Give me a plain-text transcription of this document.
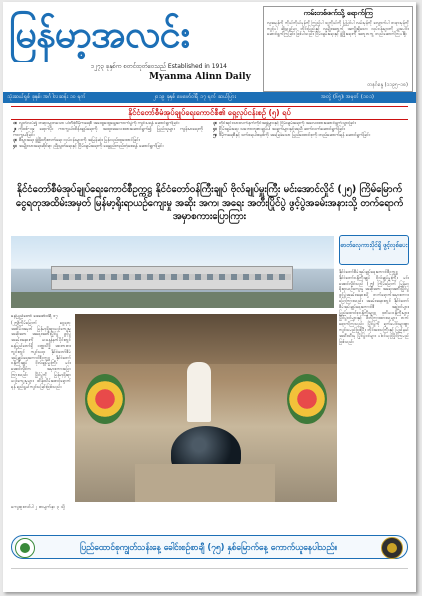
မြန်မာ့အလင်း
၁၂၇၃ ခုနှစ်က စတင်ထုတ်ဝေသည် Established in 1914
Myanma Alinn Daily
ကမ်းတစ်ဖက်သို့ ရောက်ကြ
လူအမှန်ကို ကိုယ်ကိုယ်မှန်ကို ကြည့်ပါ သူ့ကိုယ်ကို ပြုပြင်ပါ လမ်းမှန်ကို လျှောက်ပါ တရားမှန်ကို ကျင့်ပါ ဆိုသည်မှာ တိုင်းပြည်နှင့် လူမျိုးအတွက် အကျိုးရှိသော လုပ်ငန်းများကို ပူးပေါင်းဆောင်ရွက်ကြခြင်း ဖြစ်ပါသည်။ ငြိမ်းချမ်းရေးနှင့် ဖွံ့ဖြိုးရေးကို အတူတကွ တည်ဆောက်ကြပါစို့။
တနင်္ဂနွေ (၁၁၉၅–၁၈)
သုံးဆယ်ရှစ် ခုနှစ်၊ အင်္ဂါလဆန်း ၁၀ ရက်	၂၀၁၉ ခုနှစ် ဖေဖော်ဝါရီ ၁၇ ရက် ဆယ်ပြား	အတွဲ (၆၅)၊ အမှတ် (၁၀၁)
နိုင်ငံတော်စီမံအုပ်ချုပ်ရေးကောင်စီ၏ ရှေ့လုပ်ငန်းစဉ် (၅) ရပ်
၁။ လွတ်လပ်၍ တရားမျှတသော ပါတီစုံဒီမိုကရေစီ အထွေထွေရွေးကောက်ပွဲကို ကျင်းပရန် ဆောင်ရွက်ခြင်း
၂။ ကိုဗစ်-၁၉ ရောဂါပိုး ကာကွယ်ထိန်းချုပ်ရေးကို အထူးအလေးထားဆောင်ရွက်၍ ပြည်သူများ ကျန်းမာရေးကို ကာကွယ်ခြင်း
၃။ စီးပွားရေး ဖွံ့ဖြိုးတိုးတက်ရေး လုပ်ငန်းများကို အမြန်ဆုံး ပြန်လည်ထူထောင်ခြင်း
၄။ အမျိုးသားရေးဆိုင်ရာ ညီညွတ်ရေးနှင့် ငြိမ်းချမ်းရေးကို ရေရှည်တည်တံ့စေရန် ဆောင်ရွက်ခြင်း
၃။ တိုင်းရင်းသားလက်နက်ကိုင်အဖွဲ့များနှင့် ငြိမ်းချမ်းရေးကို အလေးထားဆောင်ရွက်သွားခြင်း
၄။ ငြိမ်းချမ်းရေး သဘောတူစာချုပ်ပါ အချက်များနှင့်အညီ ဆက်လက်ဆောင်ရွက်ခြင်း
၅။ ဒီမိုကရေစီနှင့် ဖက်ဒရယ်စနစ်ကို အခြေခံသော ပြည်ထောင်စုကို တည်ဆောက်ရန် ဆောင်ရွက်ခြင်း
နိုင်ငံတော်စီမံအုပ်ချုပ်ရေးကောင်စီဥက္ကဋ္ဌ နိုင်ငံတော်ဝန်ကြီးချုပ် ဗိုလ်ချုပ်မှူးကြီး မင်းအောင်လှိုင် (၂၅) ကြိမ်မြောက် ငွေရတုအထိမ်းအမှတ် မြန်မာ့ရိုးရာယဉ်ကျေးမှု အဆိုး အက၊ အရေး အတီးပြိုင်ပွဲ ဖွင့်ပွဲအခမ်းအနားသို့ တက်ရောက်အမှာစကားပြောကြား
ဓာတ်လှေကားပိုင်ရှိ ဖွင့်လှစ်ပေး
နိုင်ငံတော်စီမံအုပ်ချုပ်ရေးကောင်စီဥက္ကဋ္ဌ နိုင်ငံတော်ဝန်ကြီးချုပ် ဗိုလ်ချုပ်မှူးကြီး မင်းအောင်လှိုင်သည် (၂၅) ကြိမ်မြောက် မြန်မာ့ရိုးရာယဉ်ကျေးမှု အဆိုအက အရေးအတီးပြိုင်ပွဲ ဖွင့်ပွဲအခမ်းအနားသို့ တက်ရောက်အမှာစကား ပြောကြားသည်။ အခမ်းအနားတွင် နိုင်ငံတော်စီမံအုပ်ချုပ်ရေးကောင်စီ အဖွဲ့ဝင်များ၊ ပြည်ထောင်စုဝန်ကြီးများ၊ ဒုတိယဝန်ကြီးများ၊ ပြိုင်ပွဲဝင်များနှင့် ဖိတ်ကြားထားသူများ တက်ရောက်ကြသည်။ ပြိုင်ပွဲကို ရက်ပေါင်းများစွာ ကျင်းပမည်ဖြစ်ပြီး တိုင်းဒေသကြီးနှင့် ပြည်နယ်အသီးသီးမှ ပြိုင်ပွဲဝင်များ ပါဝင်ယှဉ်ပြိုင်ကြမည်ဖြစ်သည်။
နေပြည်တော် ဖေဖော်ဝါရီ ၁၇
(၂၅)ကြိမ်မြောက် ငွေရတုအထိမ်းအမှတ် မြန်မာ့ရိုးရာယဉ်ကျေးမှု အဆိုအက အရေးအတီးပြိုင်ပွဲ ဖွင့်ပွဲအခမ်းအနားကို ယနေ့နံနက်ပိုင်းတွင် နေပြည်တော်ရှိ ဝဏ္ဏသိဒ္ဓိ အားကစားကွင်းတွင် ကျင်းပရာ နိုင်ငံတော်စီမံအုပ်ချုပ်ရေးကောင်စီဥက္ကဋ္ဌ နိုင်ငံတော်ဝန်ကြီးချုပ် ဗိုလ်ချုပ်မှူးကြီး မင်းအောင်လှိုင်က အမှာစကားပြောကြားသည်။ ပြိုင်ပွဲကို မြန်မာ့ရိုးရာယဉ်ကျေးမှုများ ထိန်းသိမ်းစောင့်ရှောက်ရန် ရည်ရွယ်ကျင်းပခြင်းဖြစ်သည်။
ကျေးဇူးတင်ပါ ၂ စာမျက်နှာ ၃ သို့
ပြည်ထောင်စုကျွတ်သန်းနေ့ ခေါင်းစဉ်စာချီ (၇၅) နှစ်မြောက်နေ့ ကောက်ယူနေပါသည်။
